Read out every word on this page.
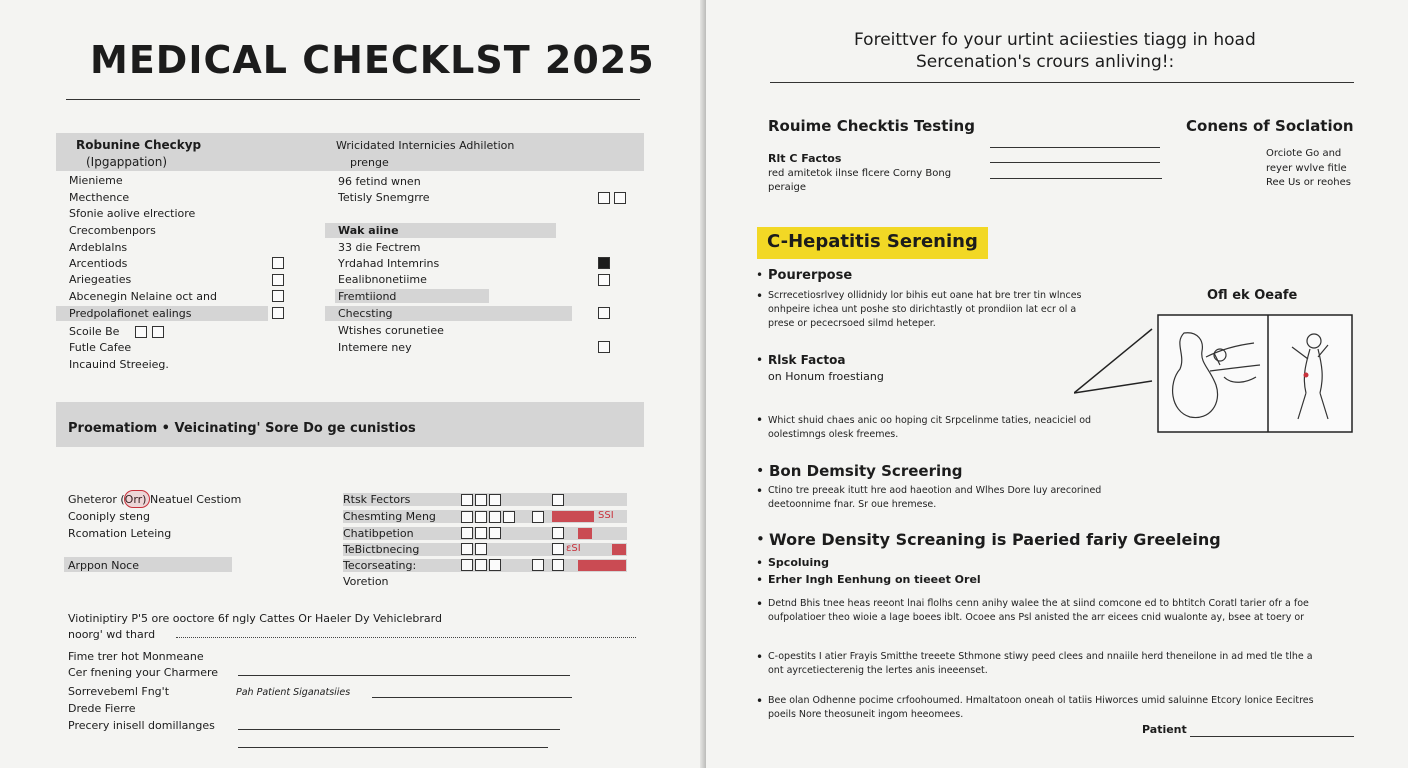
MEDICAL CHECKLST 2025
Robunine Checkyp
(Ipgappation)
Wricidated Internicies Adhiletion
prenge
Mienieme
Mecthence
Sfonie aolive elrectiore
Crecombenpors
Ardeblalns
Arcentiods
Ariegeaties
Abcenegin Nelaine oct and
Predpolafionet ealings
Scoile Be
Futle Cafee
Incauind Streeieg.
96 fetind wnen
Tetisly Snemgrre
Wak aiine
33 die Fectrem
Yrdahad Intemrins
Eealibnonetiime
Fremtiiond
Checsting
Wtishes corunetiee
Intemere ney
Proematiom • Veicinating' Sore Do ge cunistios
Gheteror (Orr) Neatuel Cestiom
Cooniply steng
Rcomation Leteing
Arppon Noce
Rtsk Fectors
Chesmting Meng
Chatibpetion
TeBictbnecing
Tecorseating:
Voretion
SSI
ɛSI
Viotiniptiry P'5 ore ooctore 6f ngly Cattes Or Haeler Dy Vehiclebrard
noorg' wd thard
Fime trer hot Monmeane
Cer fnening your Charmere
Sorrevebeml Fng't	Pah Patient Siganatsiies
Drede Fierre
Precery inisell domillanges
Foreittver fo your urtint aciiesties tiagg in hoad
Sercenation's crours anliving!:
Rouime Checktis Testing	Conens of Soclation
Rlt C Factos
red amitetok ilnse flcere Corny Bong
peraige
Orciote Go and
reyer wvlve fitle
Ree Us or reohes
C-Hepatitis Serening
• Pourerpose
• Scrrecetiosrlvey ollidnidy lor bihis eut oane hat bre trer tin wlnces
onhpeire ichea unt poshe sto dirichtastly ot prondiion lat ecr ol a
prese or pececrsoed silmd heteper.
Ofl ek Oeafe
• Rlsk Factoa
on Honum froestiang
• Whict shuid chaes anic oo hoping cit Srpcelinme taties, neaciciel od
oolestimngs olesk freemes.
• Bon Demsity Screering
• Ctino tre preeak itutt hre aod haeotion and Wlhes Dore luy arecorined
deetoonnime fnar. Sr oue hremese.
• Wore Density Screaning is Paeried fariy Greeleing
• Spcoluing
• Erher Ingh Eenhung on tieeet Orel
• Detnd Bhis tnee heas reeont lnai flolhs cenn anihy walee the at siind comcone ed to bhtitch Coratl tarier ofr a foe
oufpolatioer theo wioie a lage boees iblt. Ocoee ans Psl anisted the arr eicees cnid wualonte ay, bsee at toery or
• C-opestits I atier Frayis Smitthe treeete Sthmone stiwy peed clees and nnaiile herd theneilone in ad med tle tlhe a
ont ayrcetiecterenig the lertes anis ineeenset.
• Bee olan Odhenne pocime crfoohoumed. Hmaltatoon oneah ol tatiis Hiworces umid saluinne Etcory lonice Eecitres
poeils Nore theosuneit ingom heeomees.
Patient
